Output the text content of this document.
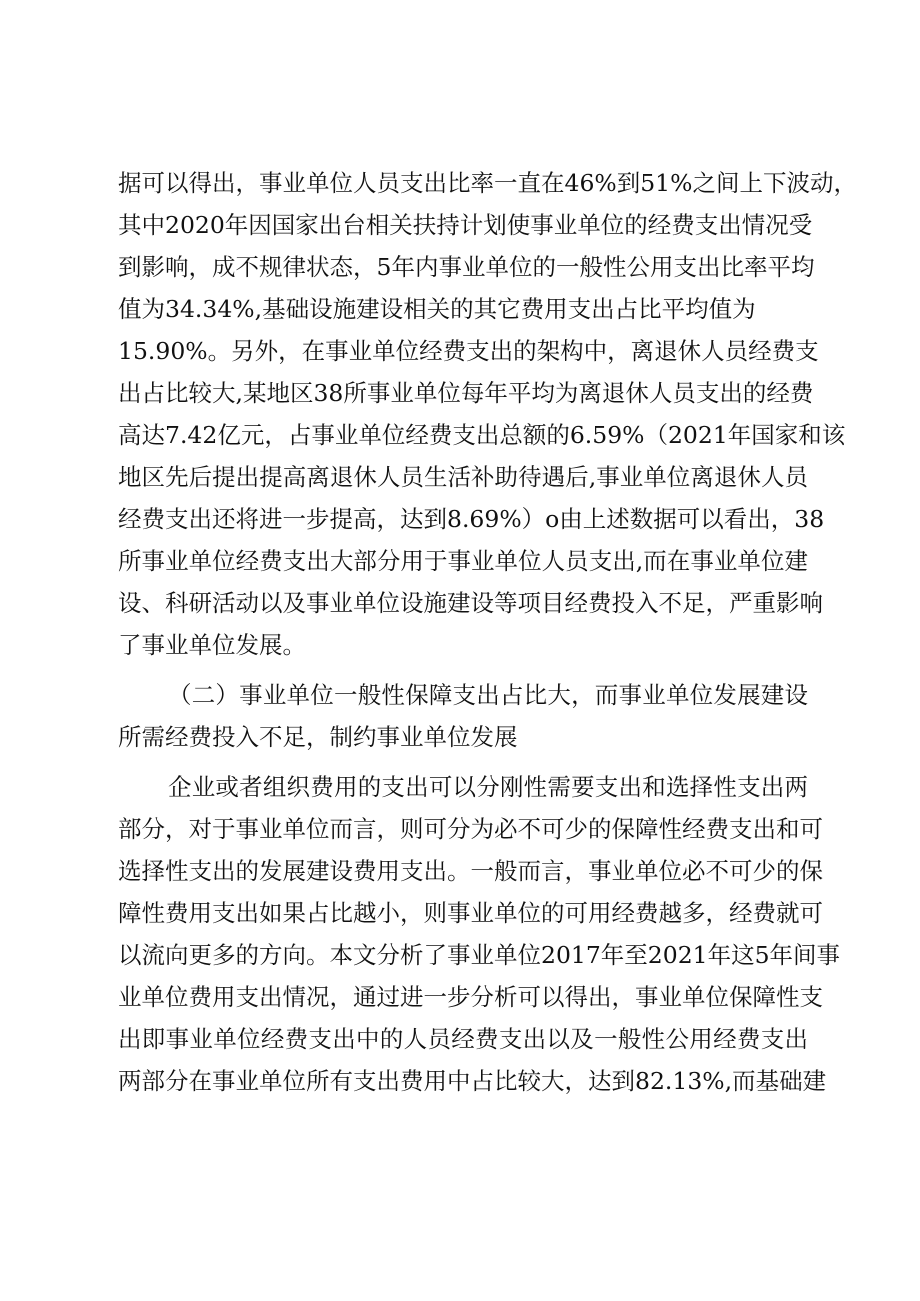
据可以得出，事业单位人员支出比率一直在46%到51%之间上下波动，
其中2020年因国家出台相关扶持计划使事业单位的经费支出情况受
到影响，成不规律状态，5年内事业单位的一般性公用支出比率平均
值为34.34%,基础设施建设相关的其它费用支出占比平均值为
15.90%。另外，在事业单位经费支出的架构中，离退休人员经费支
出占比较大,某地区38所事业单位每年平均为离退休人员支出的经费
高达7.42亿元，占事业单位经费支出总额的6.59%（2021年国家和该
地区先后提出提高离退休人员生活补助待遇后,事业单位离退休人员
经费支出还将进一步提高，达到8.69%）o由上述数据可以看出，38
所事业单位经费支出大部分用于事业单位人员支出,而在事业单位建
设、科研活动以及事业单位设施建设等项目经费投入不足，严重影响
了事业单位发展。
（二）事业单位一般性保障支出占比大，而事业单位发展建设
所需经费投入不足，制约事业单位发展
企业或者组织费用的支出可以分刚性需要支出和选择性支出两
部分，对于事业单位而言，则可分为必不可少的保障性经费支出和可
选择性支出的发展建设费用支出。一般而言，事业单位必不可少的保
障性费用支出如果占比越小，则事业单位的可用经费越多，经费就可
以流向更多的方向。本文分析了事业单位2017年至2021年这5年间事
业单位费用支出情况，通过进一步分析可以得出，事业单位保障性支
出即事业单位经费支出中的人员经费支出以及一般性公用经费支出
两部分在事业单位所有支出费用中占比较大，达到82.13%,而基础建
